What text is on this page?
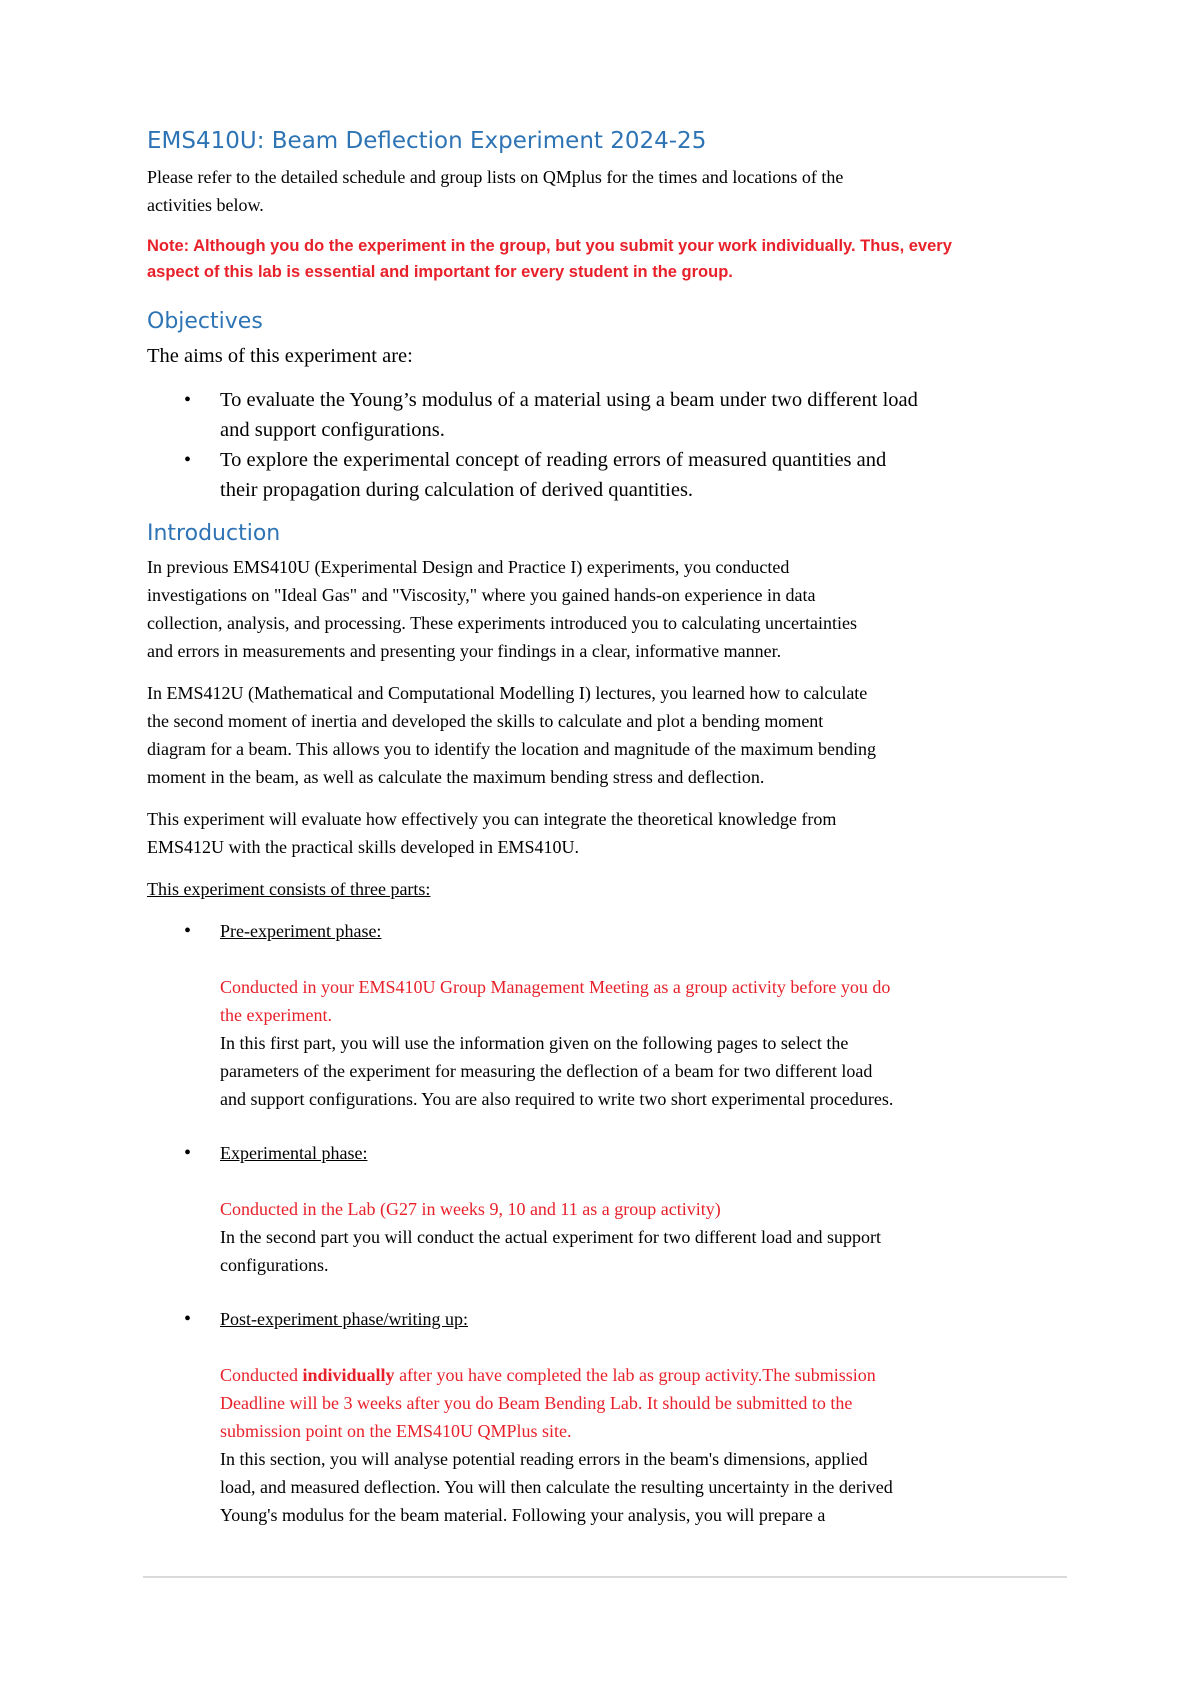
EMS410U: Beam Deflection Experiment 2024-25

Please refer to the detailed schedule and group lists on QMplus for the times and locations of the
activities below.

Note: Although you do the experiment in the group, but you submit your work individually. Thus, every
aspect of this lab is essential and important for every student in the group.

Objectives

The aims of this experiment are:

• To evaluate the Young’s modulus of a material using a beam under two different load
and support configurations.
• To explore the experimental concept of reading errors of measured quantities and
their propagation during calculation of derived quantities.
Introduction

In previous EMS410U (Experimental Design and Practice I) experiments, you conducted
investigations on "Ideal Gas" and "Viscosity," where you gained hands-on experience in data
collection, analysis, and processing. These experiments introduced you to calculating uncertainties
and errors in measurements and presenting your findings in a clear, informative manner.

In EMS412U (Mathematical and Computational Modelling I) lectures, you learned how to calculate
the second moment of inertia and developed the skills to calculate and plot a bending moment
diagram for a beam. This allows you to identify the location and magnitude of the maximum bending
moment in the beam, as well as calculate the maximum bending stress and deflection.

This experiment will evaluate how effectively you can integrate the theoretical knowledge from
EMS412U with the practical skills developed in EMS410U.

This experiment consists of three parts:

• Pre-experiment phase:

Conducted in your EMS410U Group Management Meeting as a group activity before you do
the experiment.
In this first part, you will use the information given on the following pages to select the
parameters of the experiment for measuring the deflection of a beam for two different load
and support configurations. You are also required to write two short experimental procedures.
• Experimental phase:

Conducted in the Lab (G27 in weeks 9, 10 and 11 as a group activity)
In the second part you will conduct the actual experiment for two different load and support
configurations.
• Post-experiment phase/writing up:

Conducted individually after you have completed the lab as group activity.The submission
Deadline will be 3 weeks after you do Beam Bending Lab. It should be submitted to the
submission point on the EMS410U QMPlus site.
In this section, you will analyse potential reading errors in the beam's dimensions, applied
load, and measured deflection. You will then calculate the resulting uncertainty in the derived
Young's modulus for the beam material. Following your analysis, you will prepare a
